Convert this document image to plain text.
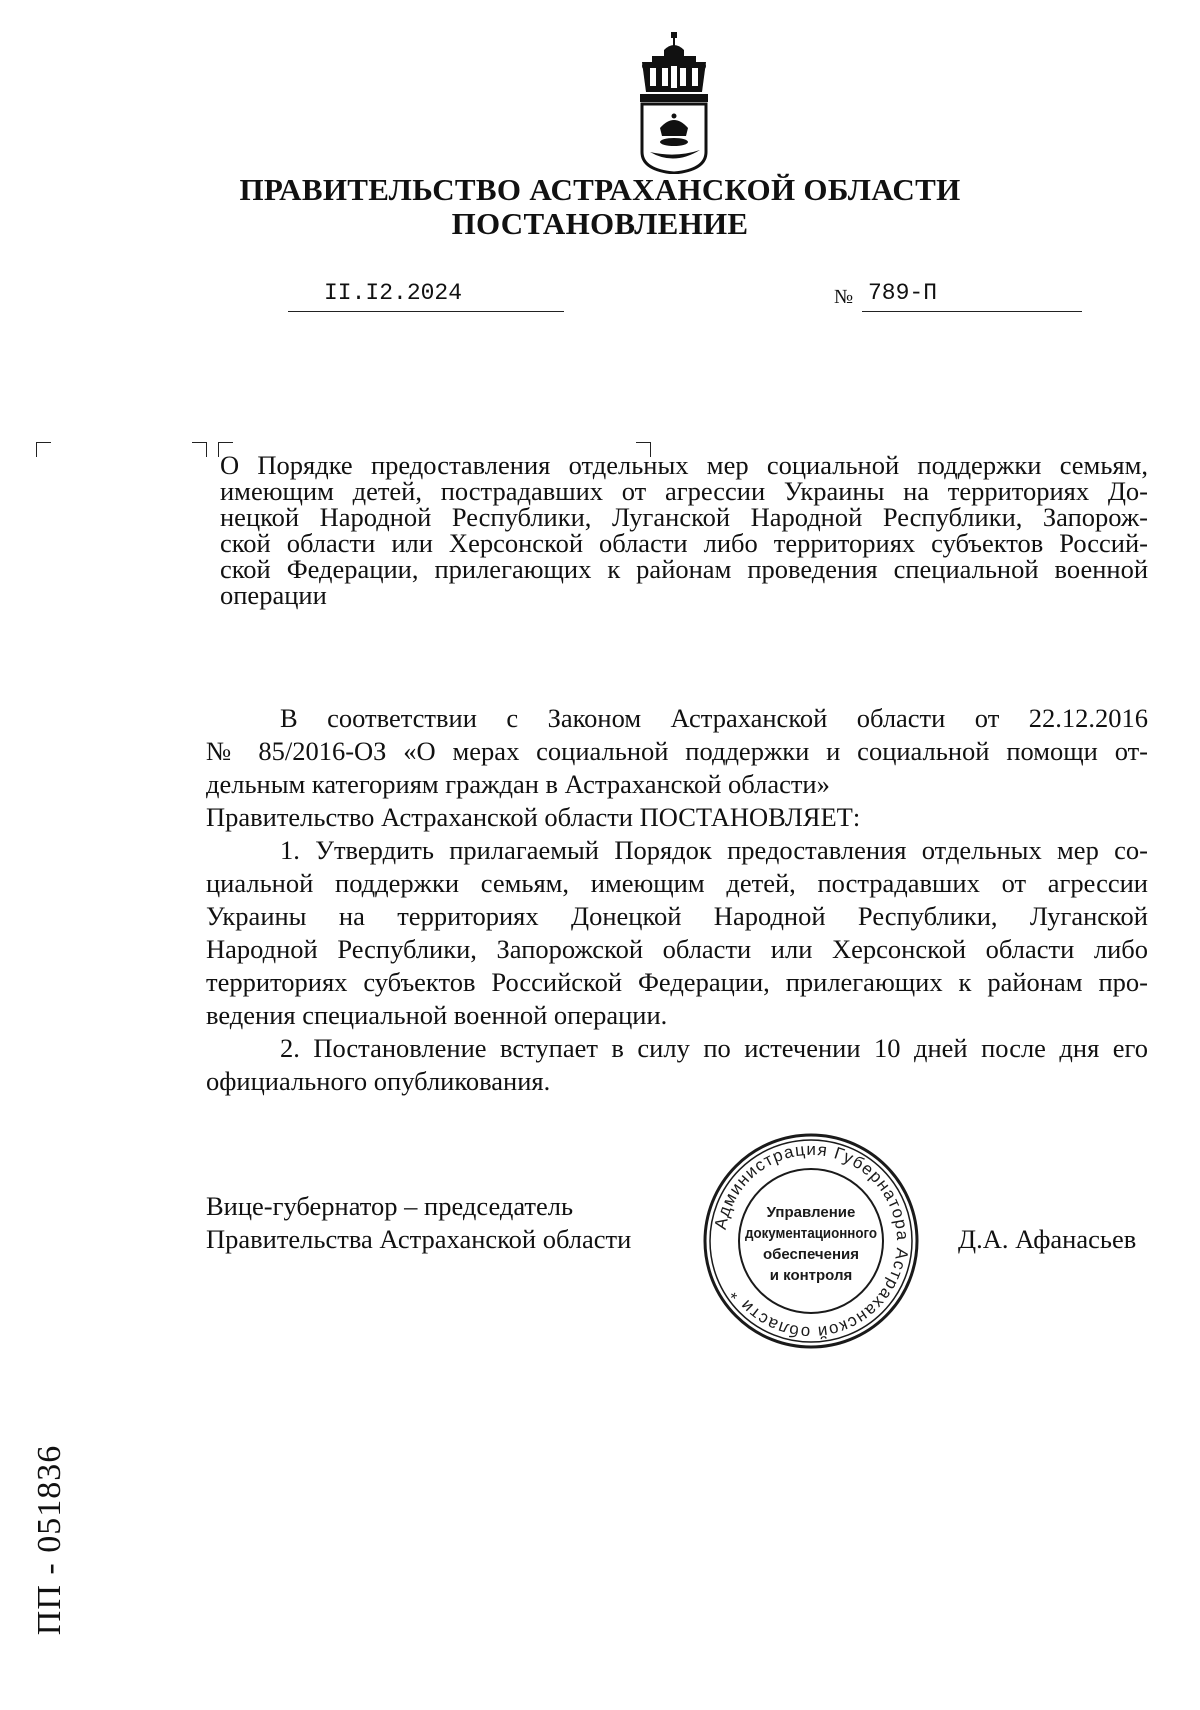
ПРАВИТЕЛЬСТВО АСТРАХАНСКОЙ ОБЛАСТИ
ПОСТАНОВЛЕНИЕ
II.I2.2024	№ 789-П
О Порядке предоставления отдельных мер социальной поддержки семьям,
имеющим детей, пострадавших от агрессии Украины на территориях До-
нецкой Народной Республики, Луганской Народной Республики, Запорож-
ской области или Херсонской области либо территориях субъектов Россий-
ской Федерации, прилегающих к районам проведения специальной военной
операции
В соответствии с Законом Астраханской области от 22.12.2016
№ 85/2016-ОЗ «О мерах социальной поддержки и социальной помощи от-
дельным категориям граждан в Астраханской области»
Правительство Астраханской области ПОСТАНОВЛЯЕТ:
1. Утвердить прилагаемый Порядок предоставления отдельных мер со-
циальной поддержки семьям, имеющим детей, пострадавших от агрессии
Украины на территориях Донецкой Народной Республики, Луганской
Народной Республики, Запорожской области или Херсонской области либо
территориях субъектов Российской Федерации, прилегающих к районам про-
ведения специальной военной операции.
2. Постановление вступает в силу по истечении 10 дней после дня его
официального опубликования.
Вице-губернатор – председатель
Правительства Астраханской области	Д.А. Афанасьев
Администрация Губернатора Астраханской области *
Управление
документационного
обеспечения
и контроля
ПП - 051836
